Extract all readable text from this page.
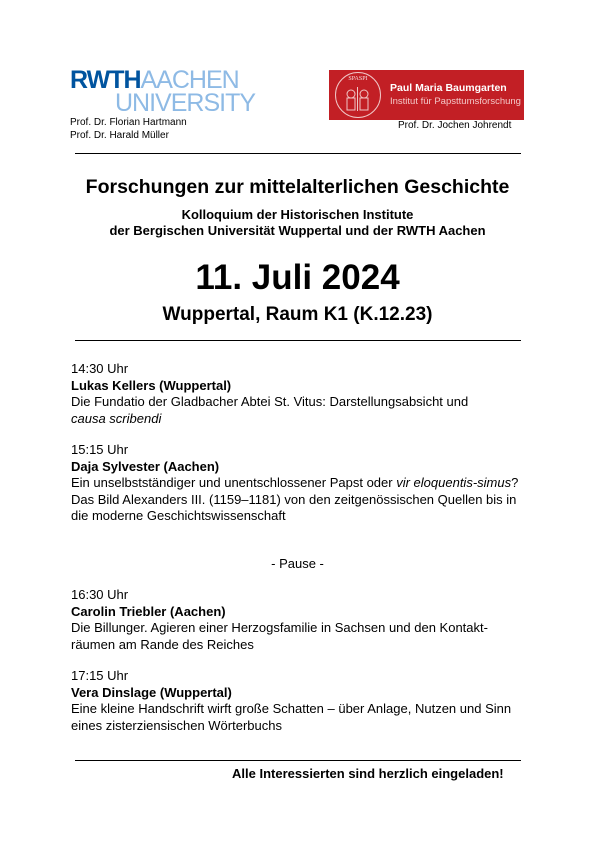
RWTHAACHEN
UNIVERSITY
Prof. Dr. Florian Hartmann
Prof. Dr. Harald Müller
SPASPI
Paul Maria Baumgarten
Institut für Papsttumsforschung
Prof. Dr. Jochen Johrendt
Forschungen zur mittelalterlichen Geschichte
Kolloquium der Historischen Institute
der Bergischen Universität Wuppertal und der RWTH Aachen
11. Juli 2024
Wuppertal, Raum K1 (K.12.23)
14:30 Uhr
Lukas Kellers (Wuppertal)
Die Fundatio der Gladbacher Abtei St. Vitus: Darstellungsabsicht und
causa scribendi
15:15 Uhr
Daja Sylvester (Aachen)
Ein unselbstständiger und unentschlossener Papst oder vir eloquentis-simus? Das Bild Alexanders III. (1159–1181) von den zeitgenössischen Quellen bis in die moderne Geschichtswissenschaft
- Pause -
16:30 Uhr
Carolin Triebler (Aachen)
Die Billunger. Agieren einer Herzogsfamilie in Sachsen und den Kontakt-räumen am Rande des Reiches
17:15 Uhr
Vera Dinslage (Wuppertal)
Eine kleine Handschrift wirft große Schatten – über Anlage, Nutzen und Sinn eines zisterziensischen Wörterbuchs
Alle Interessierten sind herzlich eingeladen!
